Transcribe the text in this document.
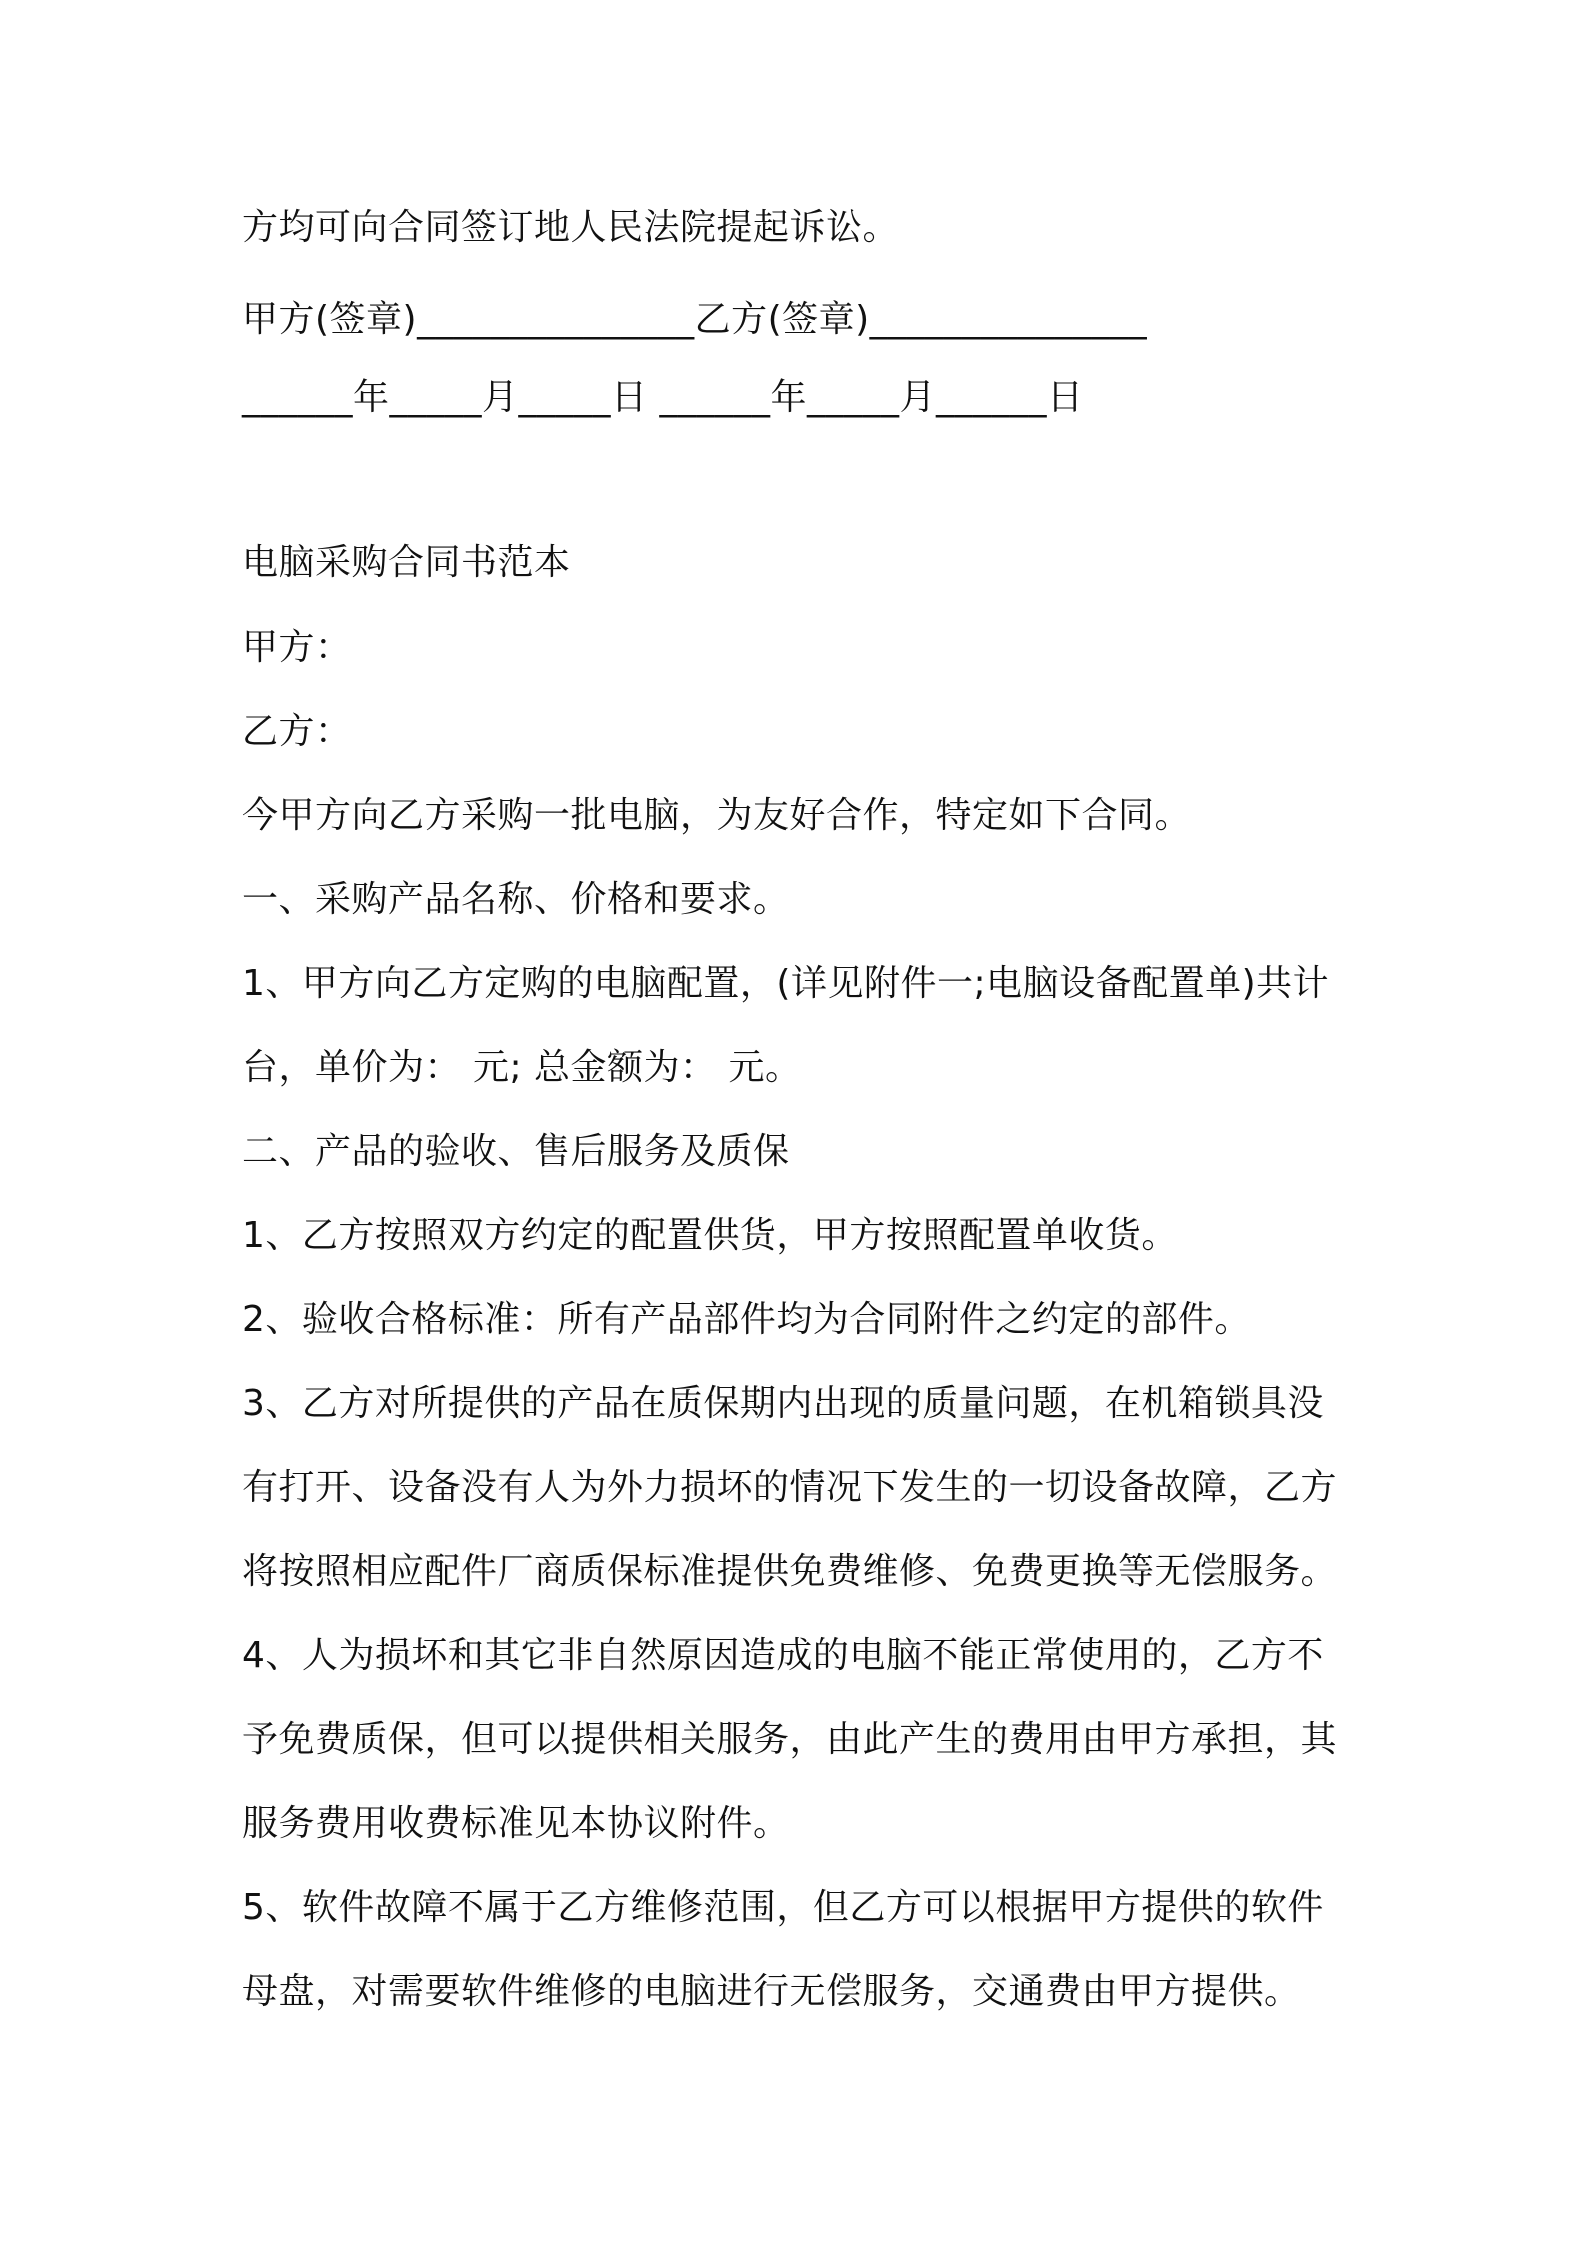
方均可向合同签订地人民法院提起诉讼。
甲方(签章)_______________乙方(签章)_______________
______年_____月_____日 ______年_____月______日
电脑采购合同书范本
甲方：
乙方：
今甲方向乙方采购一批电脑，为友好合作，特定如下合同。
一、采购产品名称、价格和要求。
1、甲方向乙方定购的电脑配置，(详见附件一;电脑设备配置单)共计
台，单价为： 元; 总金额为： 元。
二、产品的验收、售后服务及质保
1、乙方按照双方约定的配置供货，甲方按照配置单收货。
2、验收合格标准：所有产品部件均为合同附件之约定的部件。
3、乙方对所提供的产品在质保期内出现的质量问题，在机箱锁具没
有打开、设备没有人为外力损坏的情况下发生的一切设备故障，乙方
将按照相应配件厂商质保标准提供免费维修、免费更换等无偿服务。
4、人为损坏和其它非自然原因造成的电脑不能正常使用的，乙方不
予免费质保，但可以提供相关服务，由此产生的费用由甲方承担，其
服务费用收费标准见本协议附件。
5、软件故障不属于乙方维修范围，但乙方可以根据甲方提供的软件
母盘，对需要软件维修的电脑进行无偿服务，交通费由甲方提供。
